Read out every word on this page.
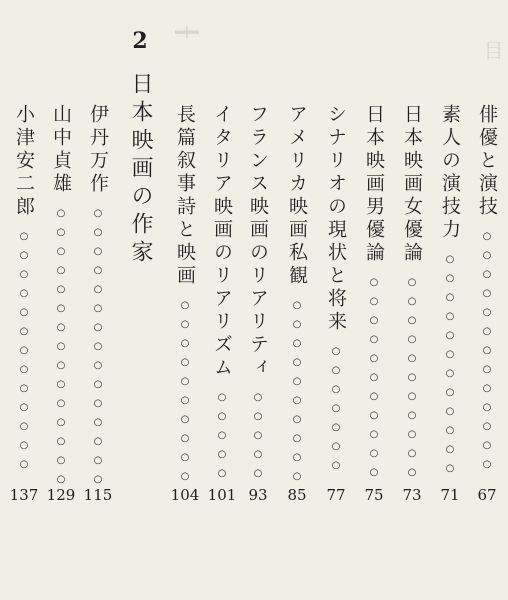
╂
目
2
日本映画の作家	俳優と演技
○
○
○
○
○
○
○
○
○
○
○
○
○

67
素人の演技力
○
○
○
○
○
○
○
○
○
○
○
○

71
日本映画女優論
○
○
○
○
○
○
○
○
○
○
○

73
日本映画男優論
○
○
○
○
○
○
○
○
○
○
○

75
シナリオの現状と将来
○
○
○
○
○
○
○

77
アメリカ映画私観
○
○
○
○
○
○
○
○
○
○

85
フランス映画のリアリティ
○
○
○
○
○

93
イタリア映画のリアリズム
○
○
○
○
○

101
長篇叙事詩と映画
○
○
○
○
○
○
○
○
○
○

104
伊丹万作
○
○
○
○
○
○
○
○
○
○
○
○
○
○
○

115
山中貞雄
○
○
○
○
○
○
○
○
○
○
○
○
○
○
○

129
小津安二郎
○
○
○
○
○
○
○
○
○
○
○
○
○

137
